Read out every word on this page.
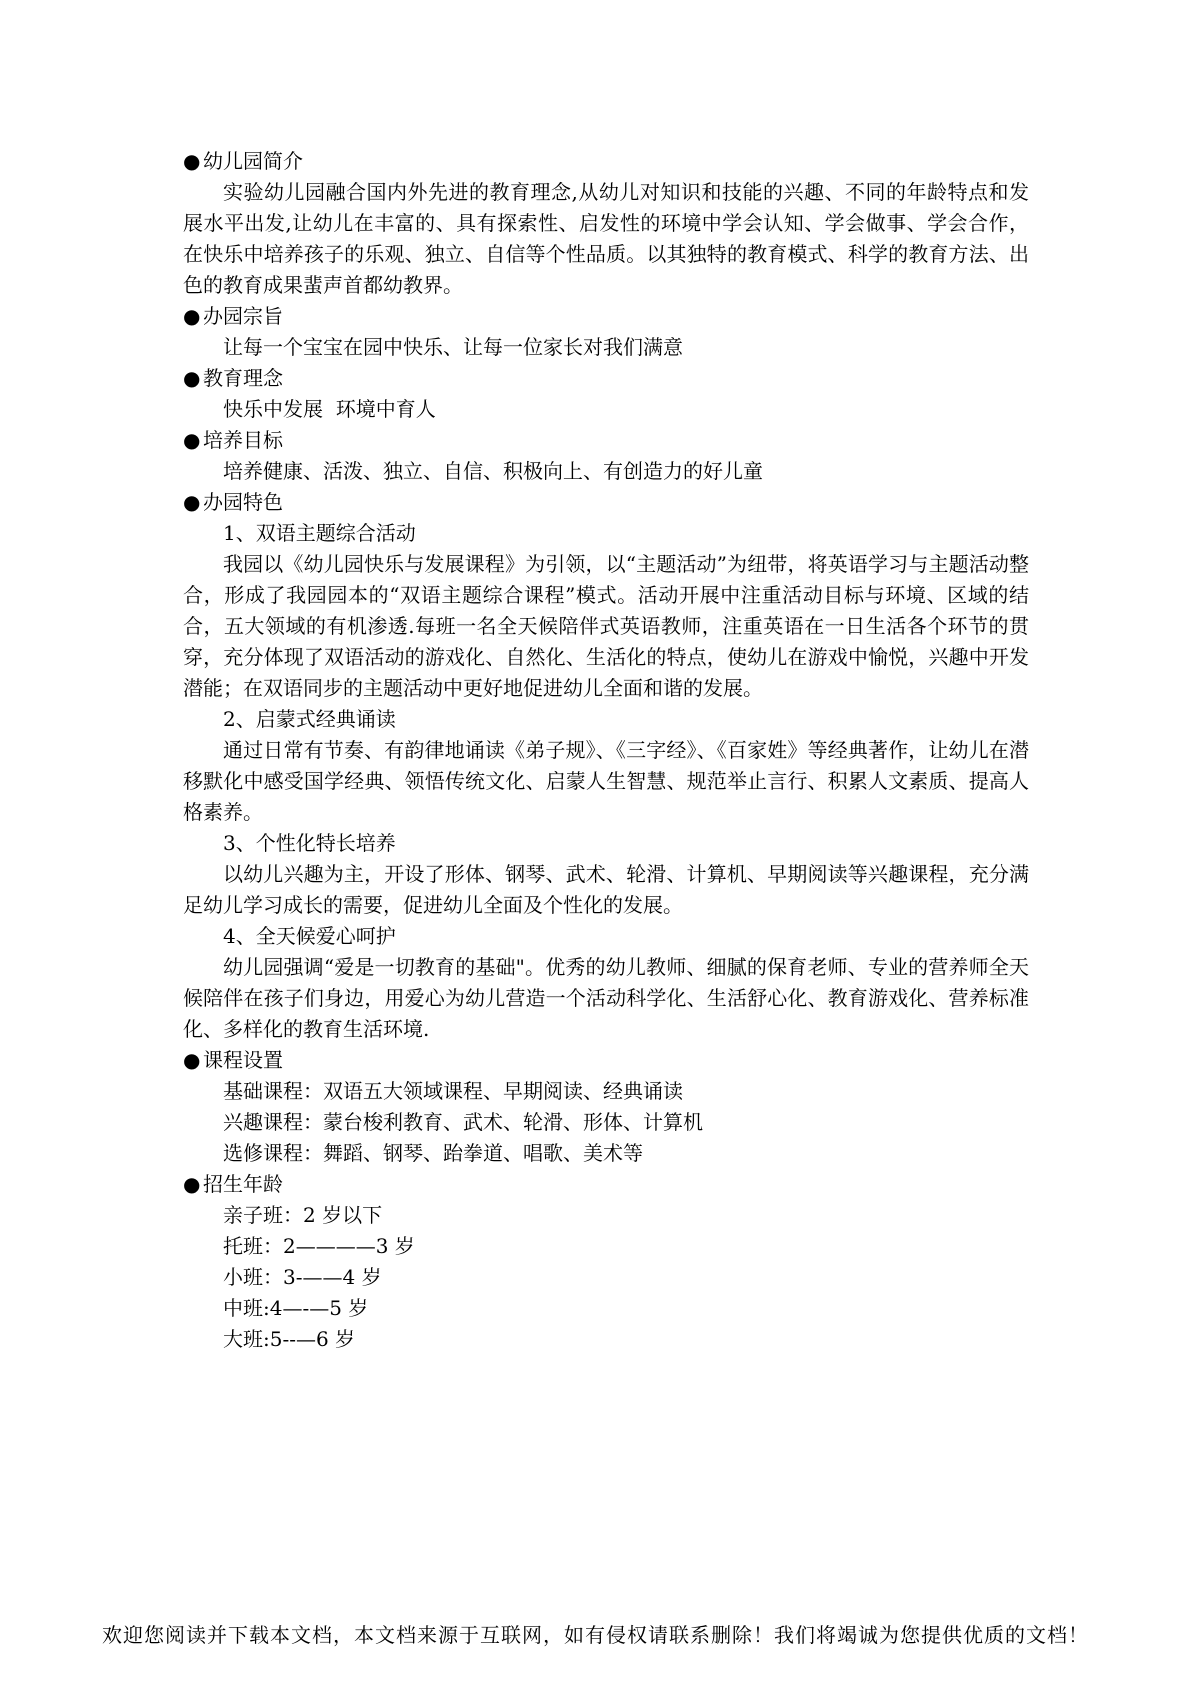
● 幼儿园简介

实验幼儿园融合国内外先进的教育理念,从幼儿对知识和技能的兴趣、不同的年龄特点和发展水平出发,让幼儿在丰富的、具有探索性、启发性的环境中学会认知、学会做事、学会合作，在快乐中培养孩子的乐观、独立、自信等个性品质。以其独特的教育模式、科学的教育方法、出色的教育成果蜚声首都幼教界。

● 办园宗旨

让每一个宝宝在园中快乐、让每一位家长对我们满意

● 教育理念

快乐中发展  环境中育人

● 培养目标

培养健康、活泼、独立、自信、积极向上、有创造力的好儿童

● 办园特色

1、双语主题综合活动

我园以《幼儿园快乐与发展课程》为引领，以“主题活动”为纽带，将英语学习与主题活动整合，形成了我园园本的“双语主题综合课程”模式。活动开展中注重活动目标与环境、区域的结合，五大领域的有机渗透.每班一名全天候陪伴式英语教师，注重英语在一日生活各个环节的贯穿，充分体现了双语活动的游戏化、自然化、生活化的特点，使幼儿在游戏中愉悦，兴趣中开发潜能；在双语同步的主题活动中更好地促进幼儿全面和谐的发展。

2、启蒙式经典诵读

通过日常有节奏、有韵律地诵读《弟子规》、《三字经》、《百家姓》等经典著作，让幼儿在潜移默化中感受国学经典、领悟传统文化、启蒙人生智慧、规范举止言行、积累人文素质、提高人格素养。

3、个性化特长培养

以幼儿兴趣为主，开设了形体、钢琴、武术、轮滑、计算机、早期阅读等兴趣课程，充分满足幼儿学习成长的需要，促进幼儿全面及个性化的发展。

4、全天候爱心呵护

幼儿园强调“爱是一切教育的基础"。优秀的幼儿教师、细腻的保育老师、专业的营养师全天候陪伴在孩子们身边，用爱心为幼儿营造一个活动科学化、生活舒心化、教育游戏化、营养标准化、多样化的教育生活环境.

● 课程设置

基础课程：双语五大领域课程、早期阅读、经典诵读

兴趣课程：蒙台梭利教育、武术、轮滑、形体、计算机

选修课程：舞蹈、钢琴、跆拳道、唱歌、美术等

● 招生年龄

亲子班：2 岁以下

托班：2————3 岁

小班：3-——4 岁

中班:4—-—5 岁

大班:5--—6 岁

欢迎您阅读并下载本文档，本文档来源于互联网，如有侵权请联系删除！我们将竭诚为您提供优质的文档！
